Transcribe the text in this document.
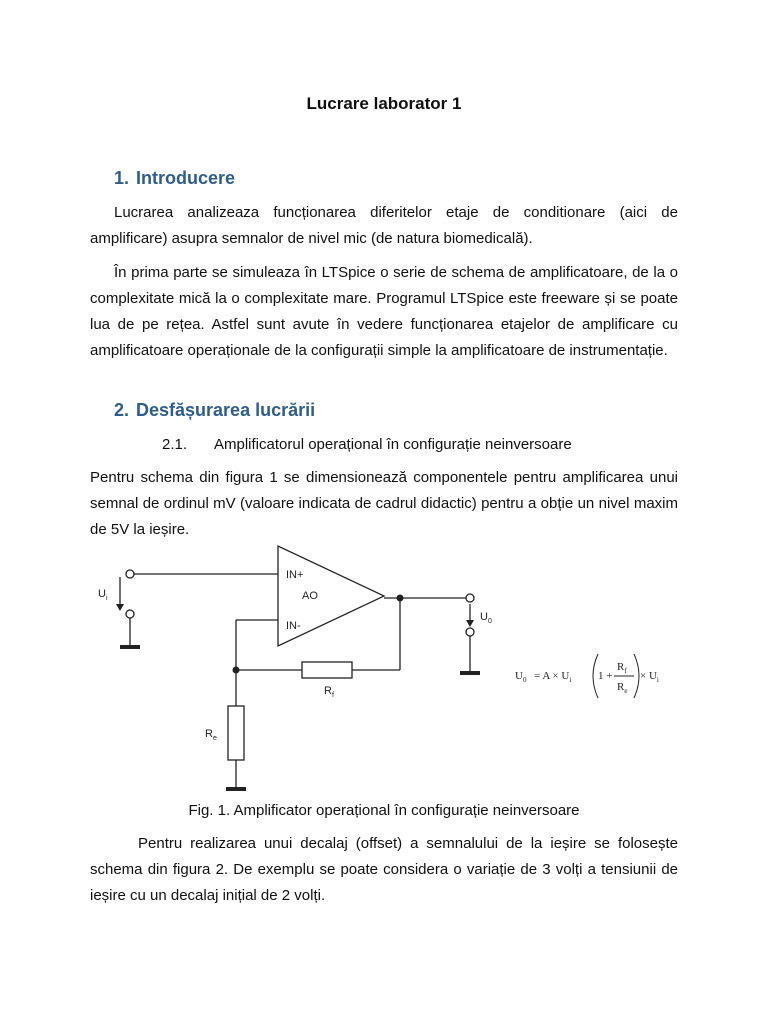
Lucrare laborator 1
1. Introducere

Lucrarea analizeaza funcționarea diferitelor etaje de conditionare (aici de amplificare) asupra semnalor de nivel mic (de natura biomedicală).

În prima parte se simuleaza în LTSpice o serie de schema de amplificatoare, de la o complexitate mică la o complexitate mare. Programul LTSpice este freeware și se poate lua de pe rețea. Astfel sunt avute în vedere funcționarea etajelor de amplificare cu amplificatoare operaționale de la configurații simple la amplificatoare de instrumentație.

2. Desfășurarea lucrării
2.1. Amplificatorul operațional în configurație neinversoare

Pentru schema din figura 1 se dimensionează componentele pentru amplificarea unui semnal de ordinul mV (valoare indicata de cadrul didactic) pentru a obție un nivel maxim de 5V la ieșire.

IN+
AO
IN-
$U_i$
$U_0$
$R_f$
$R_e$
$U_0 = A \times U_i$ 1 +
$R_f$
$R_e$
× $U_i$
Fig. 1. Amplificator operațional în configurație neinversoare

Pentru realizarea unui decalaj (offset) a semnalului de la ieșire se folosește schema din figura 2. De exemplu se poate considera o variație de 3 volți a tensiunii de ieșire cu un decalaj inițial de 2 volți.
